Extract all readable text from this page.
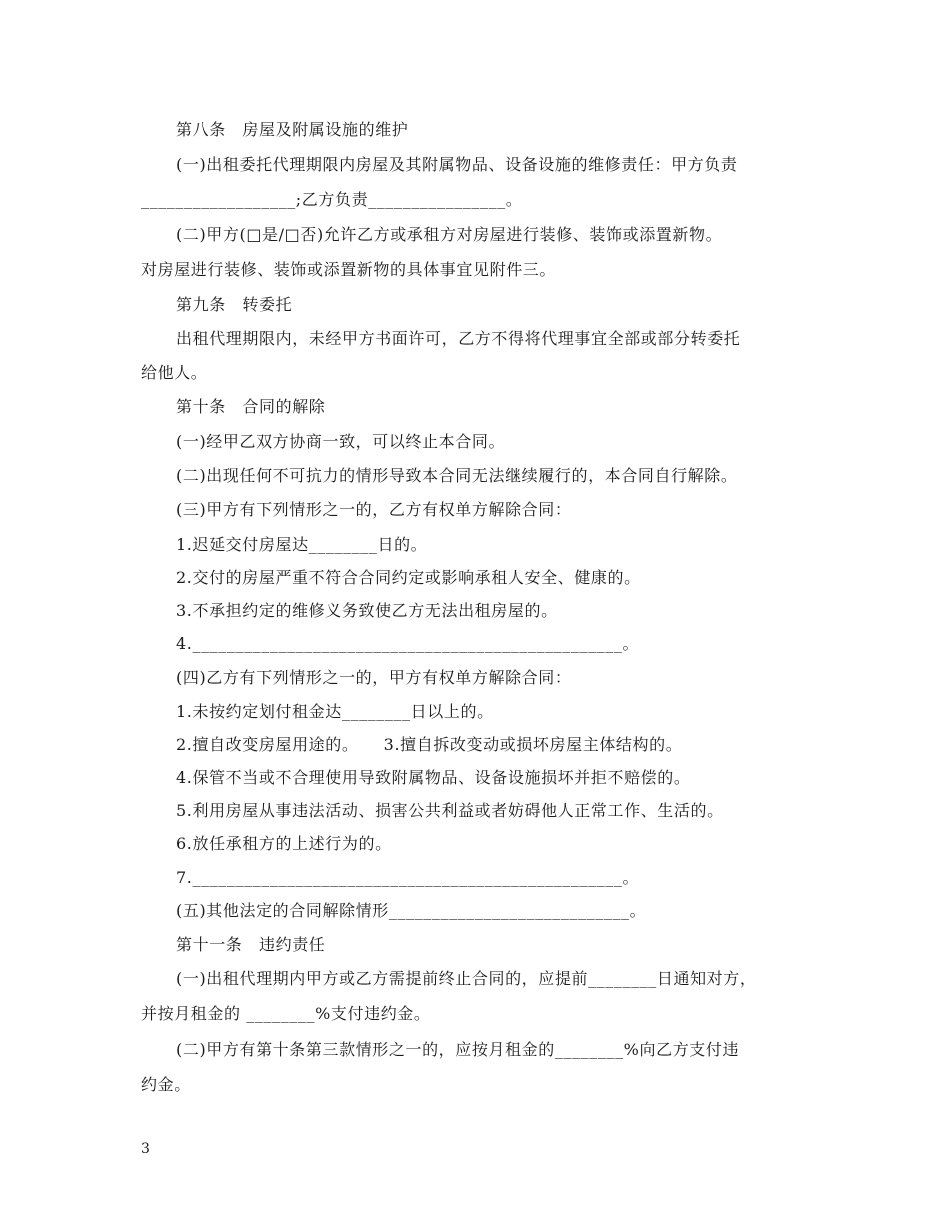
第八条　房屋及附属设施的维护
(一)出租委托代理期限内房屋及其附属物品、设备设施的维修责任：甲方负责
__________________;乙方负责________________。
(二)甲方(□是/□否)允许乙方或承租方对房屋进行装修、装饰或添置新物。
对房屋进行装修、装饰或添置新物的具体事宜见附件三。
第九条　转委托
出租代理期限内，未经甲方书面许可，乙方不得将代理事宜全部或部分转委托
给他人。
第十条　合同的解除
(一)经甲乙双方协商一致，可以终止本合同。
(二)出现任何不可抗力的情形导致本合同无法继续履行的，本合同自行解除。
(三)甲方有下列情形之一的，乙方有权单方解除合同：
1.迟延交付房屋达________日的。
2.交付的房屋严重不符合合同约定或影响承租人安全、健康的。
3.不承担约定的维修义务致使乙方无法出租房屋的。
4.__________________________________________________。
(四)乙方有下列情形之一的，甲方有权单方解除合同：
1.未按约定划付租金达________日以上的。
2.擅自改变房屋用途的。　　3.擅自拆改变动或损坏房屋主体结构的。
4.保管不当或不合理使用导致附属物品、设备设施损坏并拒不赔偿的。
5.利用房屋从事违法活动、损害公共利益或者妨碍他人正常工作、生活的。
6.放任承租方的上述行为的。
7.__________________________________________________。
(五)其他法定的合同解除情形____________________________。
第十一条　违约责任
(一)出租代理期内甲方或乙方需提前终止合同的，应提前________日通知对方，
并按月租金的 ________%支付违约金。
(二)甲方有第十条第三款情形之一的，应按月租金的________%向乙方支付违
约金。
3
